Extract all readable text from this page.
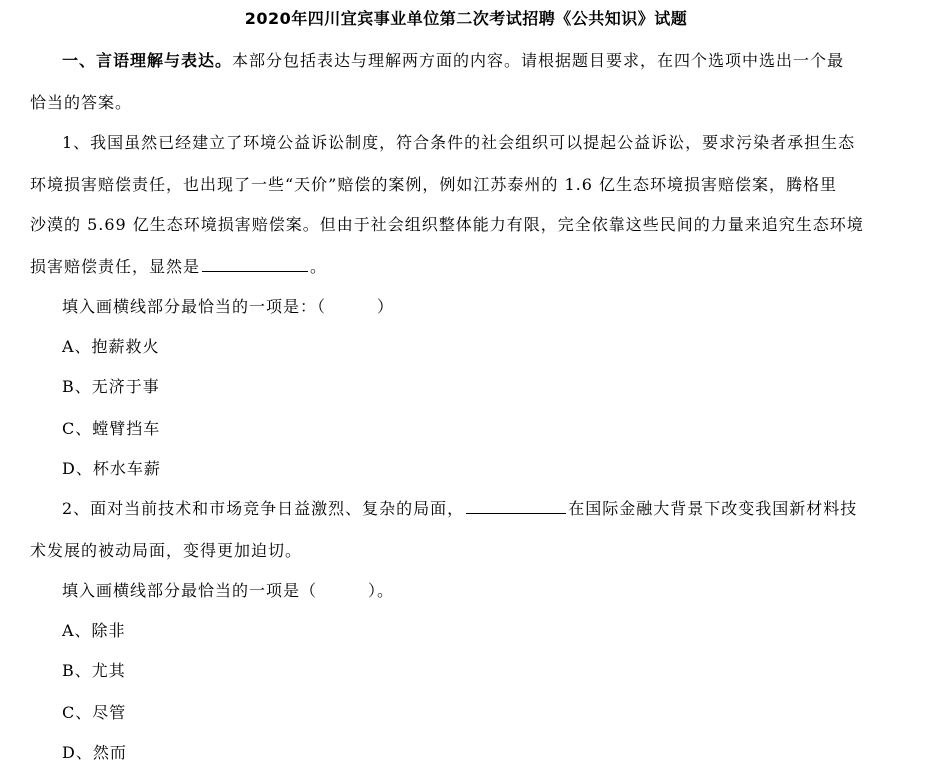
2020年四川宜宾事业单位第二次考试招聘《公共知识》试题
一、言语理解与表达。本部分包括表达与理解两方面的内容。请根据题目要求，在四个选项中选出一个最
恰当的答案。
1、我国虽然已经建立了环境公益诉讼制度，符合条件的社会组织可以提起公益诉讼，要求污染者承担生态
环境损害赔偿责任，也出现了一些“天价”赔偿的案例，例如江苏泰州的 1.6 亿生态环境损害赔偿案，腾格里
沙漠的 5.69 亿生态环境损害赔偿案。但由于社会组织整体能力有限，完全依靠这些民间的力量来追究生态环境
损害赔偿责任，显然是	。
填入画横线部分最恰当的一项是：（　　　）
A、抱薪救火
B、无济于事
C、螳臂挡车
D、杯水车薪
2、面对当前技术和市场竞争日益激烈、复杂的局面，	在国际金融大背景下改变我国新材料技
术发展的被动局面，变得更加迫切。
填入画横线部分最恰当的一项是（　　　）。
A、除非
B、尤其
C、尽管
D、然而
